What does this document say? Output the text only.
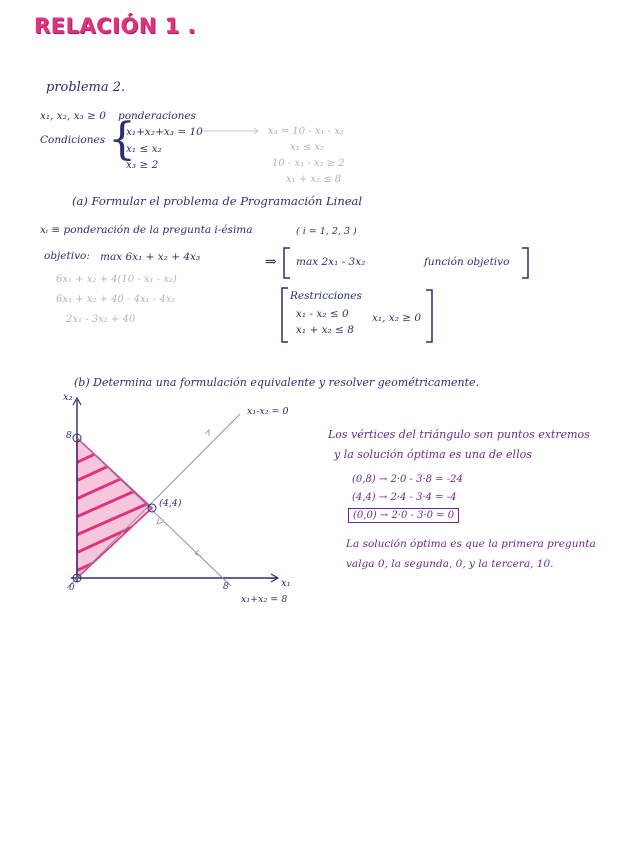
RELACIÓN 1 .
problema 2.
x₁, x₂, x₃ ≥ 0 ponderaciones
Condiciones {
x₁+x₂+x₃ = 10
x₁ ≤ x₂
x₃ ≥ 2
x₃ = 10 - x₁ - x₂
x₁ ≤ x₂
10 - x₁ - x₂ ≥ 2
x₁ + x₂ ≤ 8
(a) Formular el problema de Programación Lineal
xᵢ ≡ ponderación de la pregunta i-ésima	( i = 1, 2, 3 )
objetivo: max 6x₁ + x₂ + 4x₃
6x₁ + x₂ + 4(10 - x₁ - x₂)
6x₁ + x₂ + 40 - 4x₁ - 4x₂
2x₁ - 3x₂ + 40
⇒ max 2x₁ - 3x₂	función objetivo
Restricciones
x₁ - x₂ ≤ 0
x₁ + x₂ ≤ 8
x₁, x₂ ≥ 0
(b) Determina una formulación equivalente y resolver geométricamente.
x₂
x₁
(4,4)
0	8
8
x₁-x₂ = 0
x₁+x₂ = 8
Los vértices del triángulo son puntos extremos
y la solución óptima es una de ellos
(0,8) → 2·0 - 3·8 = -24
(4,4) → 2·4 - 3·4 = -4
(0,0) → 2·0 - 3·0 = 0
La solución óptima es que la primera pregunta
valga 0, la segunda, 0, y la tercera, 10.
